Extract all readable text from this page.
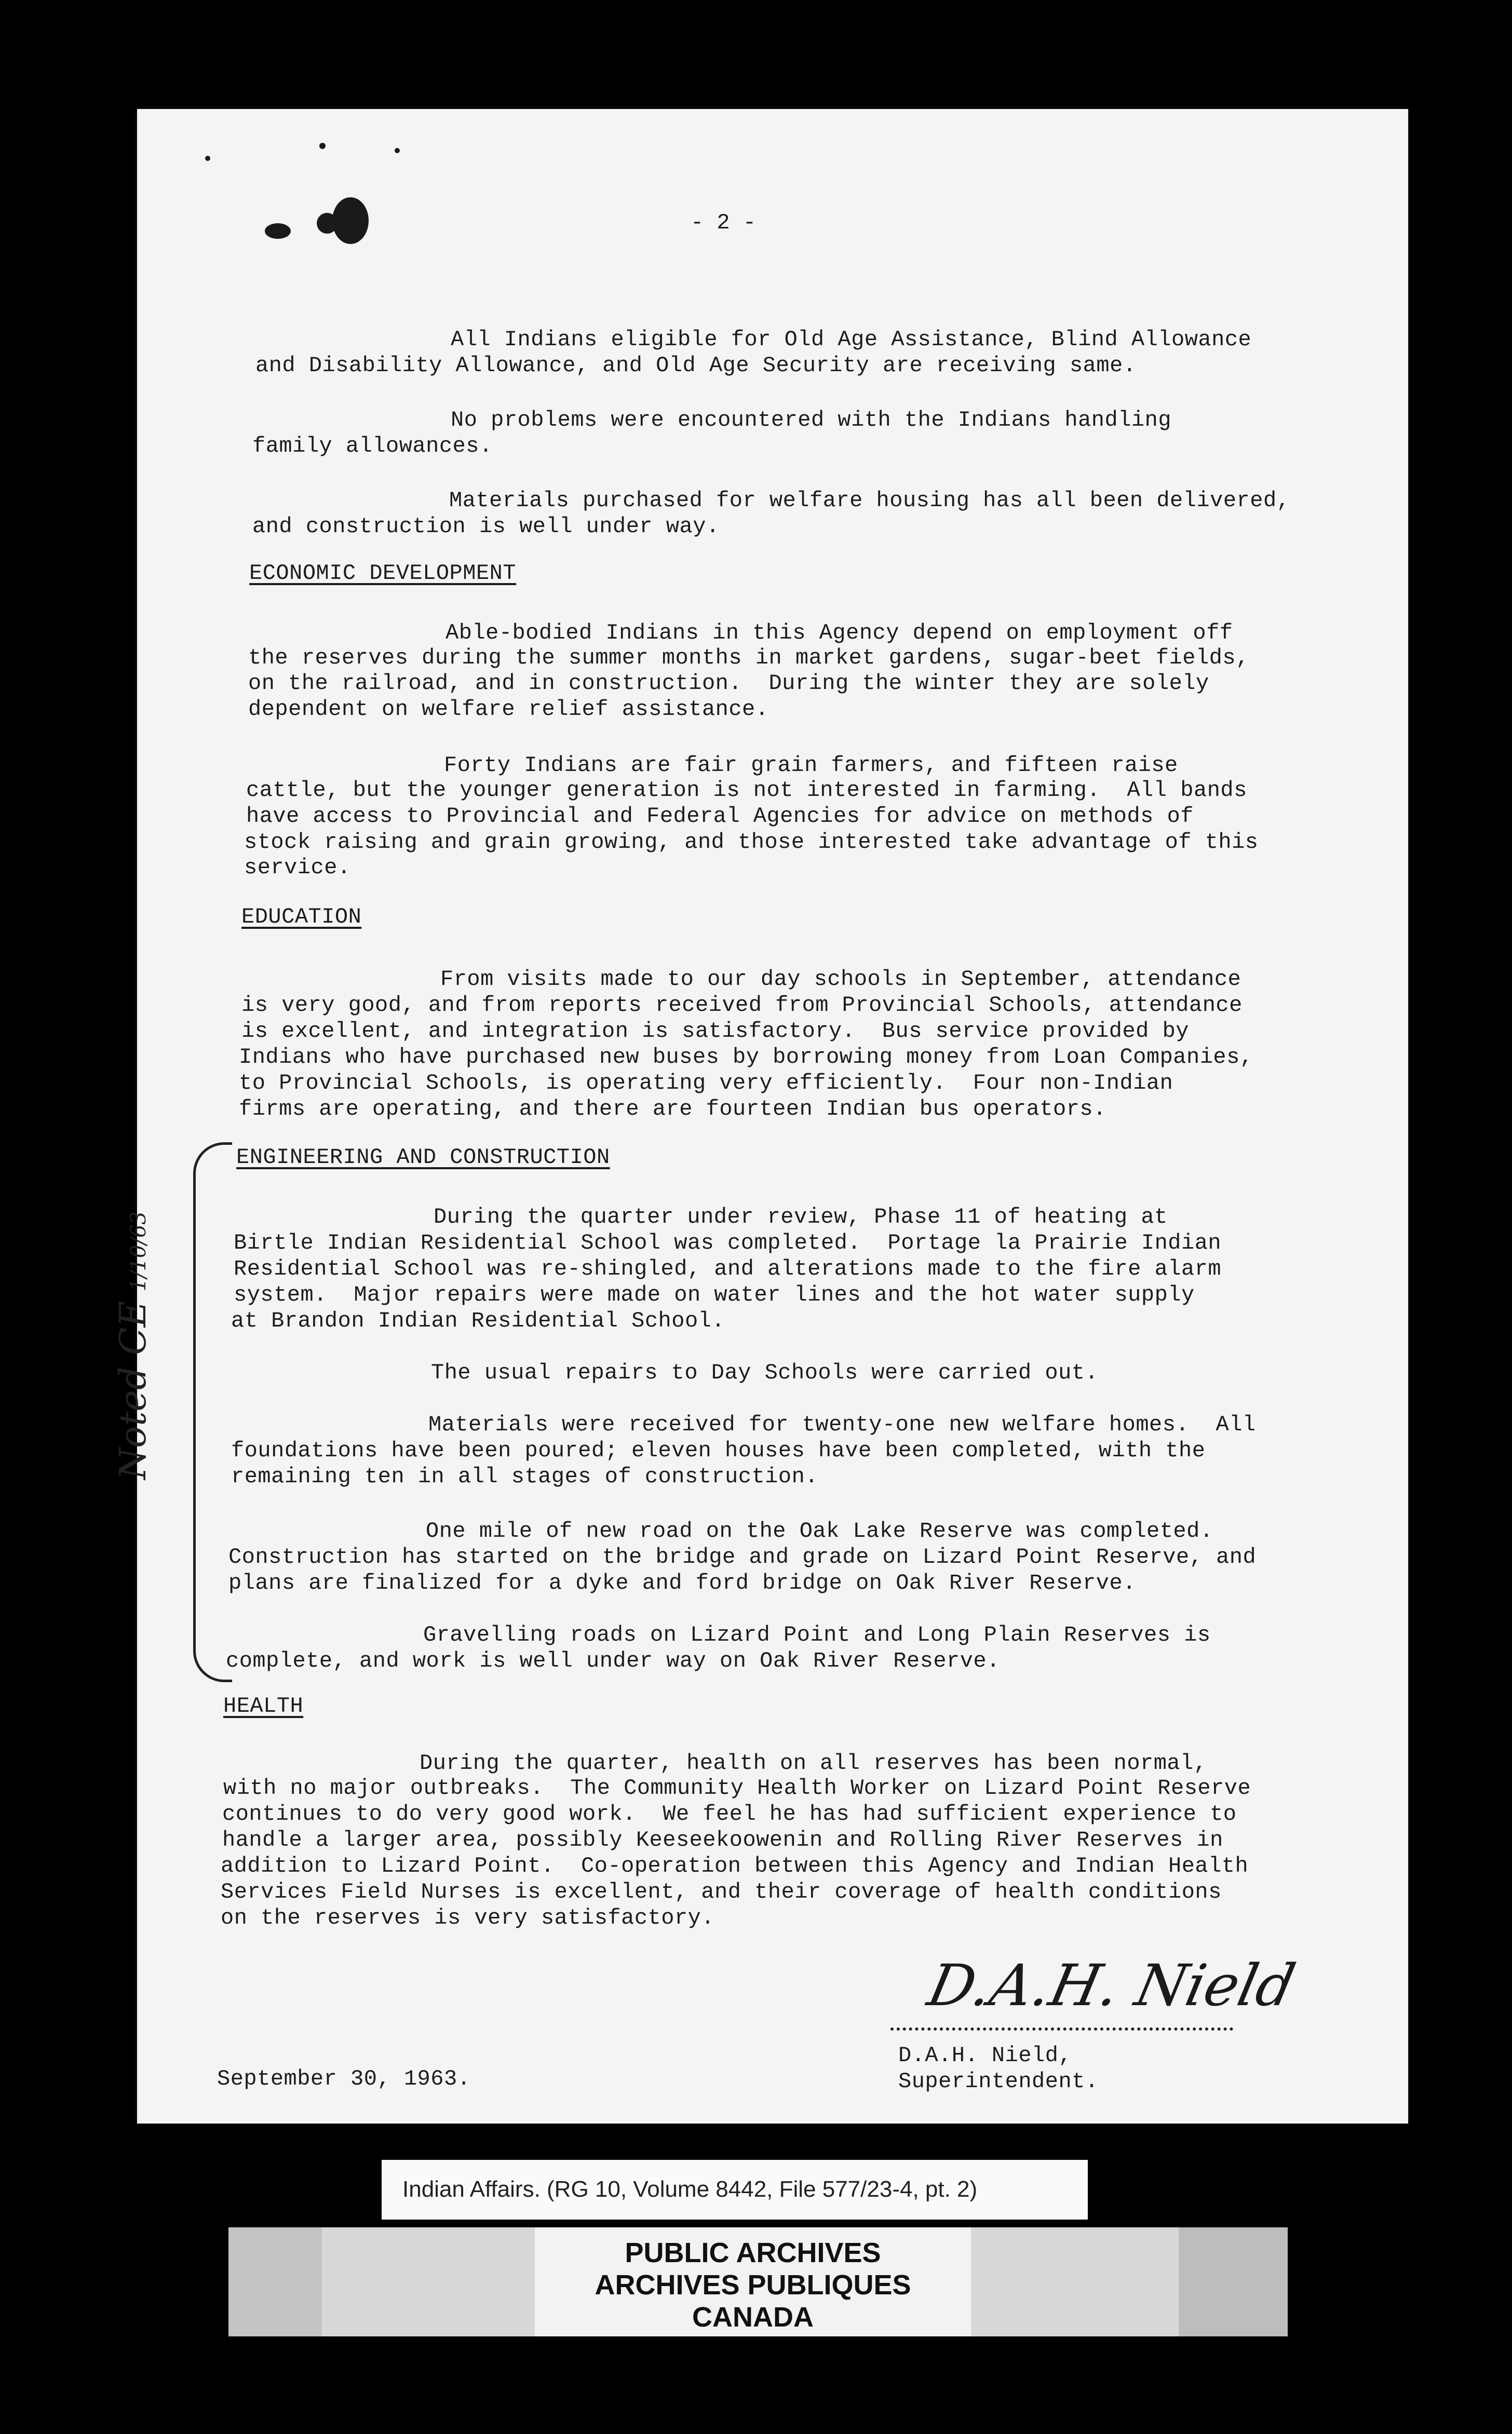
- 2 -
All Indians eligible for Old Age Assistance, Blind Allowance
and Disability Allowance, and Old Age Security are receiving same.
No problems were encountered with the Indians handling
family allowances.
Materials purchased for welfare housing has all been delivered,
and construction is well under way.
ECONOMIC DEVELOPMENT
Able-bodied Indians in this Agency depend on employment off
the reserves during the summer months in market gardens, sugar-beet fields,
on the railroad, and in construction.  During the winter they are solely
dependent on welfare relief assistance.
Forty Indians are fair grain farmers, and fifteen raise
cattle, but the younger generation is not interested in farming.  All bands
have access to Provincial and Federal Agencies for advice on methods of
stock raising and grain growing, and those interested take advantage of this
service.
EDUCATION
From visits made to our day schools in September, attendance
is very good, and from reports received from Provincial Schools, attendance
is excellent, and integration is satisfactory.  Bus service provided by
Indians who have purchased new buses by borrowing money from Loan Companies,
to Provincial Schools, is operating very efficiently.  Four non-Indian
firms are operating, and there are fourteen Indian bus operators.
ENGINEERING AND CONSTRUCTION
During the quarter under review, Phase 11 of heating at
Birtle Indian Residential School was completed.  Portage la Prairie Indian
Residential School was re-shingled, and alterations made to the fire alarm
system.  Major repairs were made on water lines and the hot water supply
at Brandon Indian Residential School.
The usual repairs to Day Schools were carried out.
Materials were received for twenty-one new welfare homes.  All
foundations have been poured; eleven houses have been completed, with the
remaining ten in all stages of construction.
One mile of new road on the Oak Lake Reserve was completed.
Construction has started on the bridge and grade on Lizard Point Reserve, and
plans are finalized for a dyke and ford bridge on Oak River Reserve.
Gravelling roads on Lizard Point and Long Plain Reserves is
complete, and work is well under way on Oak River Reserve.
HEALTH
During the quarter, health on all reserves has been normal,
with no major outbreaks.  The Community Health Worker on Lizard Point Reserve
continues to do very good work.  We feel he has had sufficient experience to
handle a larger area, possibly Keeseekoowenin and Rolling River Reserves in
addition to Lizard Point.  Co-operation between this Agency and Indian Health
Services Field Nurses is excellent, and their coverage of health conditions
on the reserves is very satisfactory.
Noted CE1/10/63
D.A.H. Nield
D.A.H. Nield,
Superintendent.
September 30, 1963.
Indian Affairs. (RG 10, Volume 8442, File 577/23-4, pt. 2)
PUBLIC ARCHIVES
ARCHIVES PUBLIQUES
CANADA
